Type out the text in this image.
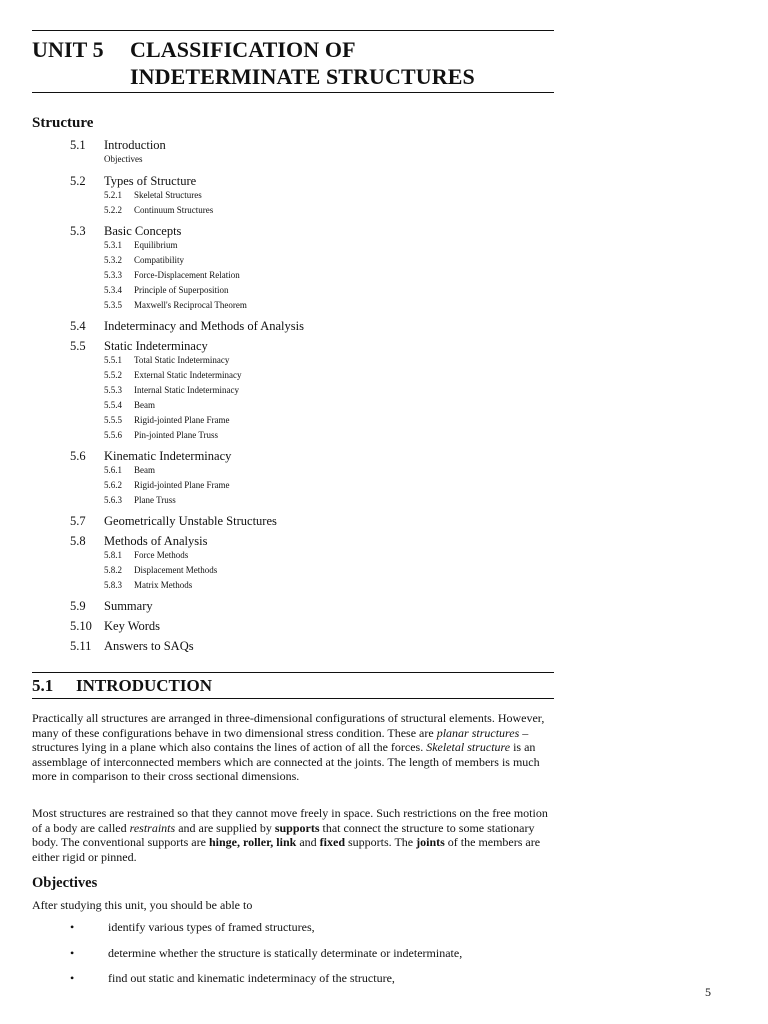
UNIT 5 CLASSIFICATION OF
INDETERMINATE STRUCTURES
Structure
5.1 Introduction
Objectives
5.2 Types of Structure
5.2.1 Skeletal Structures
5.2.2 Continuum Structures
5.3 Basic Concepts
5.3.1 Equilibrium
5.3.2 Compatibility
5.3.3 Force-Displacement Relation
5.3.4 Principle of Superposition
5.3.5 Maxwell's Reciprocal Theorem
5.4 Indeterminacy and Methods of Analysis
5.5 Static Indeterminacy
5.5.1 Total Static Indeterminacy
5.5.2 External Static Indeterminacy
5.5.3 Internal Static Indeterminacy
5.5.4 Beam
5.5.5 Rigid-jointed Plane Frame
5.5.6 Pin-jointed Plane Truss
5.6 Kinematic Indeterminacy
5.6.1 Beam
5.6.2 Rigid-jointed Plane Frame
5.6.3 Plane Truss
5.7 Geometrically Unstable Structures
5.8 Methods of Analysis
5.8.1 Force Methods
5.8.2 Displacement Methods
5.8.3 Matrix Methods
5.9 Summary
5.10 Key Words
5.11 Answers to SAQs
5.1 INTRODUCTION
Practically all structures are arranged in three-dimensional configurations of structural elements. However, many of these configurations behave in two dimensional stress condition. These are planar structures – structures lying in a plane which also contains the lines of action of all the forces. Skeletal structure is an assemblage of interconnected members which are connected at the joints. The length of members is much more in comparison to their cross sectional dimensions.
Most structures are restrained so that they cannot move freely in space. Such restrictions on the free motion of a body are called restraints and are supplied by supports that connect the structure to some stationary body. The conventional supports are hinge, roller, link and fixed supports. The joints of the members are either rigid or pinned.
Objectives
After studying this unit, you should be able to
•	identify various types of framed structures,
•	determine whether the structure is statically determinate or indeterminate,
•	find out static and kinematic indeterminacy of the structure,
5
